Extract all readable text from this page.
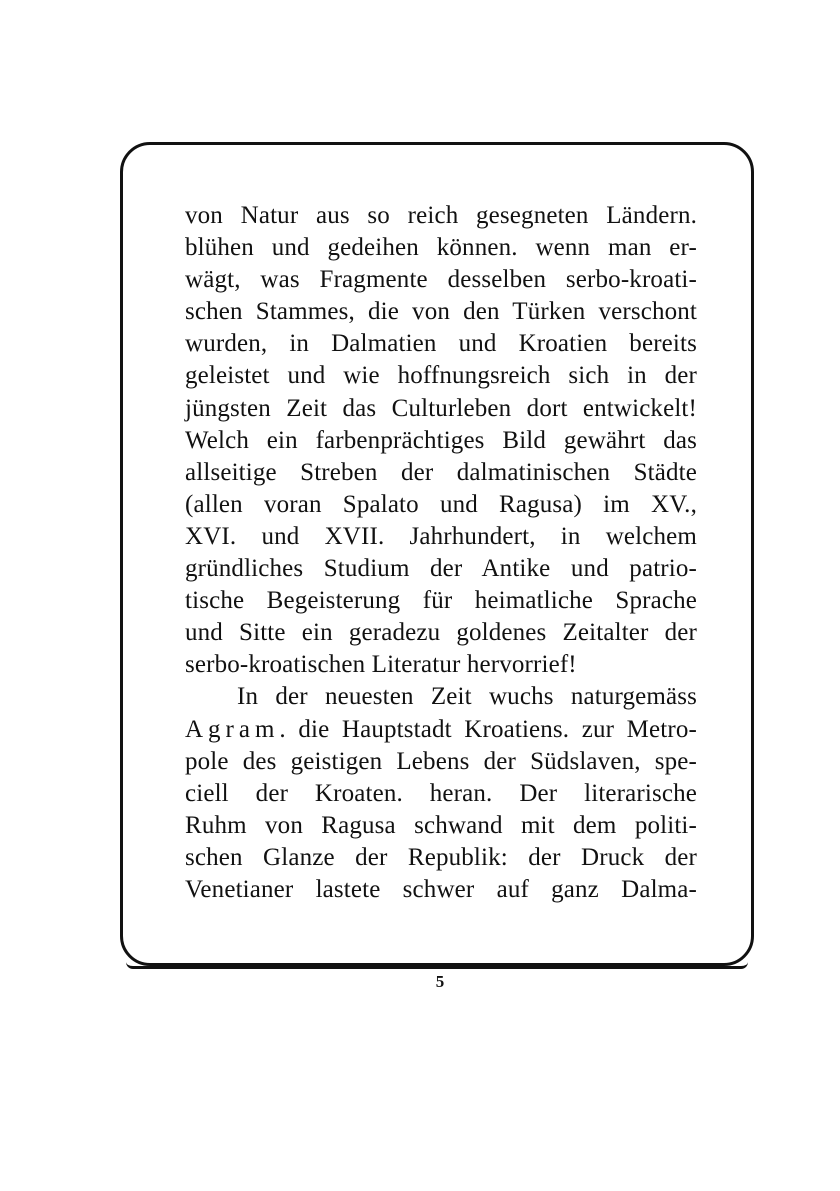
von Natur aus so reich gesegneten Ländern.
blühen und gedeihen können. wenn man er-
wägt, was Fragmente desselben serbo-kroati-
schen Stammes, die von den Türken verschont
wurden, in Dalmatien und Kroatien bereits
geleistet und wie hoffnungsreich sich in der
jüngsten Zeit das Culturleben dort entwickelt!
Welch ein farbenprächtiges Bild gewährt das
allseitige Streben der dalmatinischen Städte
(allen voran Spalato und Ragusa) im XV.,
XVI. und XVII. Jahrhundert, in welchem
gründliches Studium der Antike und patrio-
tische Begeisterung für heimatliche Sprache
und Sitte ein geradezu goldenes Zeitalter der
serbo-kroatischen Literatur hervorrief!
In der neuesten Zeit wuchs naturgemäss
Agram. die Hauptstadt Kroatiens. zur Metro-
pole des geistigen Lebens der Südslaven, spe-
ciell der Kroaten. heran. Der literarische
Ruhm von Ragusa schwand mit dem politi-
schen Glanze der Republik: der Druck der
Venetianer lastete schwer auf ganz Dalma-
5
